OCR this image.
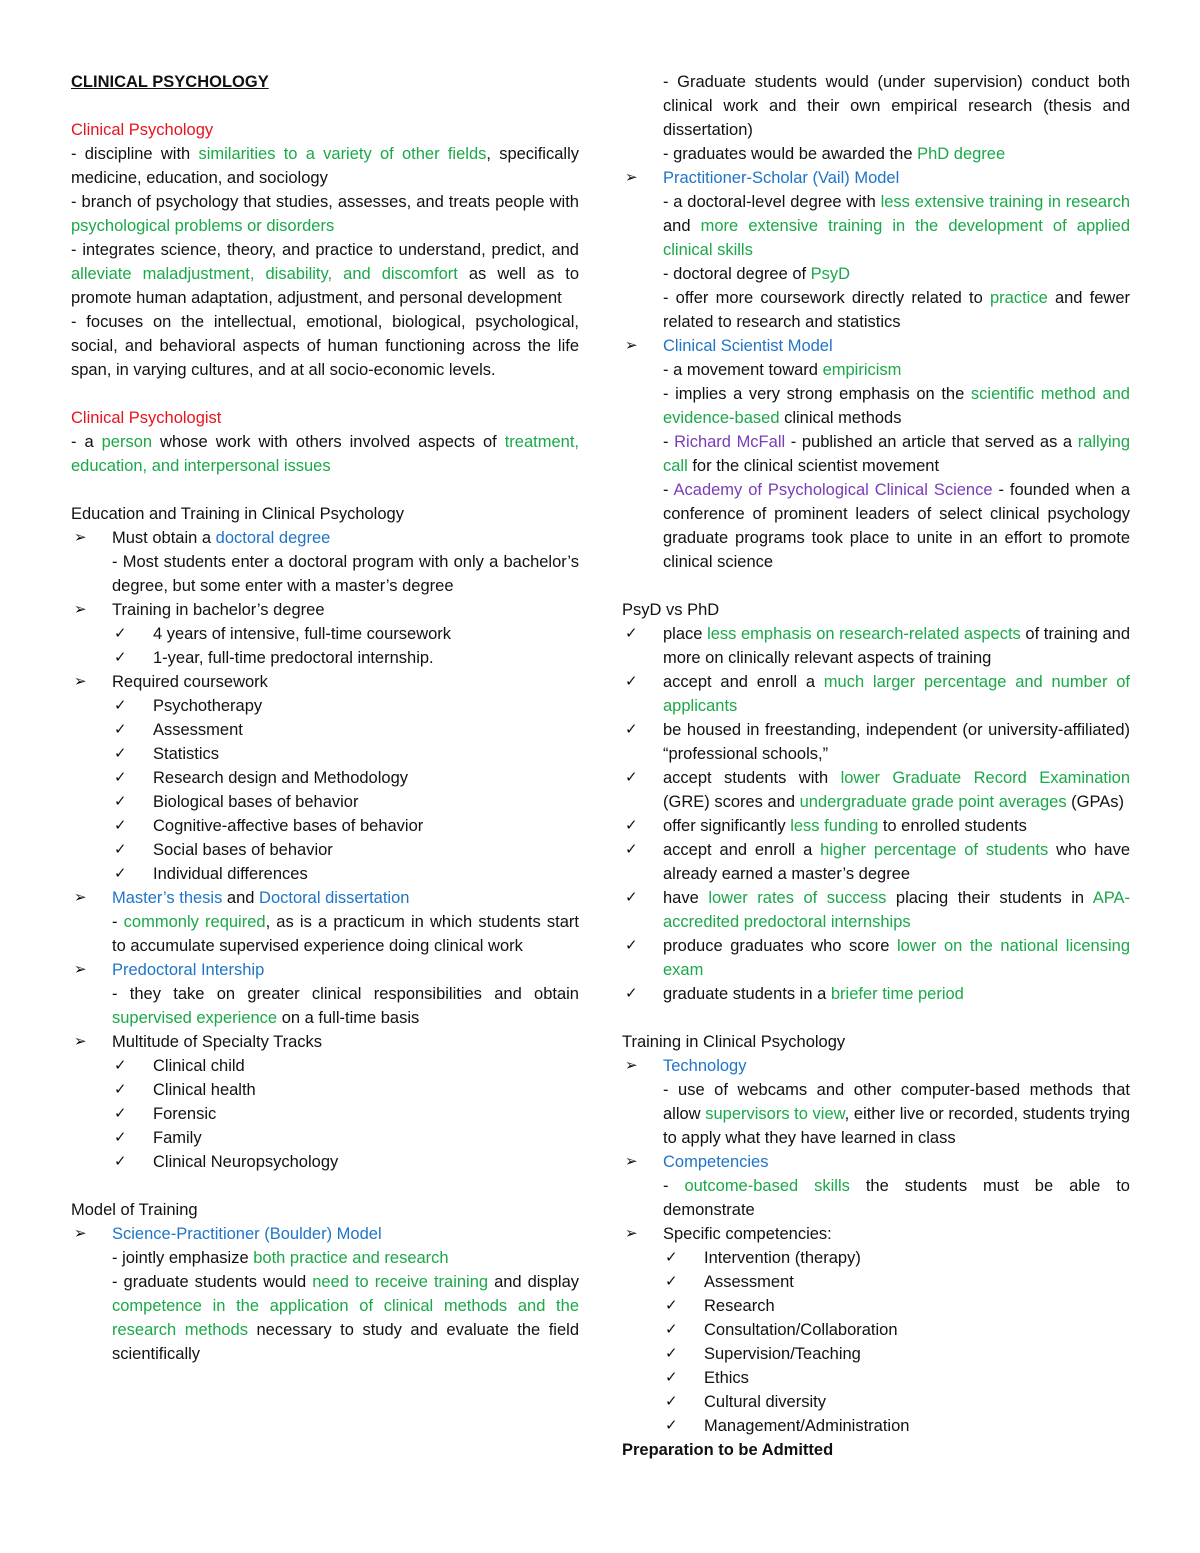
CLINICAL PSYCHOLOGY

Clinical Psychology

- discipline with similarities to a variety of other fields, specifically medicine, education, and sociology

- branch of psychology that studies, assesses, and treats people with psychological problems or disorders

- integrates science, theory, and practice to understand, predict, and alleviate maladjustment, disability, and discomfort as well as to promote human adaptation, adjustment, and personal development

- focuses on the intellectual, emotional, biological, psychological, social, and behavioral aspects of human functioning across the life span, in varying cultures, and at all socio-economic levels.

Clinical Psychologist

- a person whose work with others involved aspects of treatment, education, and interpersonal issues

Education and Training in Clinical Psychology

➢	Must obtain a doctoral degree

- Most students enter a doctoral program with only a bachelor’s degree, but some enter with a master’s degree

➢	Training in bachelor’s degree

✓	4 years of intensive, full-time coursework

✓	1-year, full-time predoctoral internship.

➢	Required coursework

✓	Psychotherapy

✓	Assessment

✓	Statistics

✓	Research design and Methodology

✓	Biological bases of behavior

✓	Cognitive-affective bases of behavior

✓	Social bases of behavior

✓	Individual differences

➢	Master’s thesis and Doctoral dissertation

- commonly required, as is a practicum in which students start to accumulate supervised experience doing clinical work

➢	Predoctoral Intership

- they take on greater clinical responsibilities and obtain supervised experience on a full-time basis

➢	Multitude of Specialty Tracks

✓	Clinical child

✓	Clinical health

✓	Forensic

✓	Family

✓	Clinical Neuropsychology

Model of Training

➢	Science-Practitioner (Boulder) Model

- jointly emphasize both practice and research

- graduate students would need to receive training and display competence in the application of clinical methods and the research methods necessary to study and evaluate the field scientifically

- Graduate students would (under supervision) conduct both clinical work and their own empirical research (thesis and dissertation)

- graduates would be awarded the PhD degree

➢	Practitioner-Scholar (Vail) Model

- a doctoral-level degree with less extensive training in research and more extensive training in the development of applied clinical skills

- doctoral degree of PsyD

- offer more coursework directly related to practice and fewer related to research and statistics

➢	Clinical Scientist Model

- a movement toward empiricism

- implies a very strong emphasis on the scientific method and evidence-based clinical methods

- Richard McFall - published an article that served as a rallying call for the clinical scientist movement

- Academy of Psychological Clinical Science - founded when a conference of prominent leaders of select clinical psychology graduate programs took place to unite in an effort to promote clinical science

PsyD vs PhD

✓	place less emphasis on research-related aspects of training and more on clinically relevant aspects of training

✓	accept and enroll a much larger percentage and number of applicants

✓	be housed in freestanding, independent (or university-affiliated) “professional schools,”

✓	accept students with lower Graduate Record Examination (GRE) scores and undergraduate grade point averages (GPAs)

✓	offer significantly less funding to enrolled students

✓	accept and enroll a higher percentage of students who have already earned a master’s degree

✓	have lower rates of success placing their students in APA-accredited predoctoral internships

✓	produce graduates who score lower on the national licensing exam

✓	graduate students in a briefer time period

Training in Clinical Psychology

➢	Technology

- use of webcams and other computer-based methods that allow supervisors to view, either live or recorded, students trying to apply what they have learned in class

➢	Competencies

- outcome-based skills the students must be able to demonstrate

➢	Specific competencies:

✓	Intervention (therapy)

✓	Assessment

✓	Research

✓	Consultation/Collaboration

✓	Supervision/Teaching

✓	Ethics

✓	Cultural diversity

✓	Management/Administration

Preparation to be Admitted
